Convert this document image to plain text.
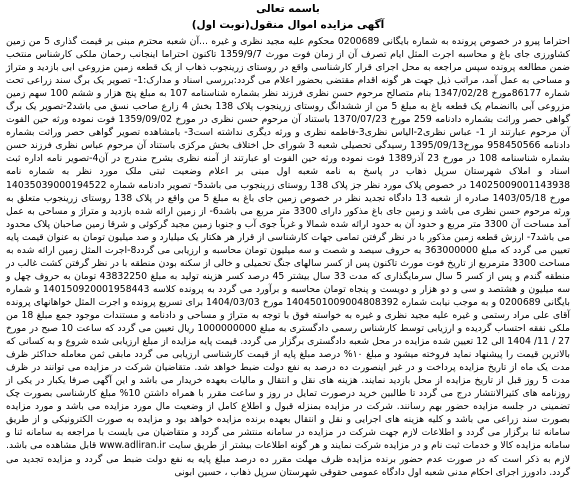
باسمه تعالی
آگهی مزایده اموال منقول(نوبت اول)

احتراما پیرو در خصوص پرونده به شماره بایگانی 0200689 محکوم علیه مجید نظری و غیره ...آن شعبه محترم مبنی بر قیمت گذاری 5 من زمین کشاورزی جای باغ و محاسبه اجرت المثل ایام تصرف آن از زمان فوت مورث 1359/9/7 تاکنون احتراما اینجانب رحمان ملکی کارشناس منتخب ضمن مطالعه پرونده سپس مراجعه به محل اجرای قرار کارشناسی واقع در روستای زرینجوب ذهاب از یک قطعه زمین مزروعی ابی بازدید و متراژ و مساحی به عمل آمد، مراتب ذیل جهت هر گونه اقدام مقتضی بحضور اعلام می گردد:بررسی اسناد و مدارک:1- تصویر یک برگ سند زراعی تحت شماره 86177مورخ 1347/02/28 بنام متصالح مرحوم حسن نظری فرزند نظر بشماره شناسنامه 107 به مبلغ پنج هزار و ششم 100 سهم زمین مزروعی آبی باانضمام یک قطعه باغ به مبلغ 5 من از ششدانگ روستای زرینجوب پلاک 138 بخش 4 زارع صاحب نسق می باشد2-تصویر یک برگ گواهی حصر وراثت بشماره دادنامه 259 مورخ 1370/07/23 باستناد آن مرحوم حسن نظری در مورخ 1359/09/02 فوت نموده ورثه حین الفوت آن مرحوم عبارتند از 1- عباس نظری2-الیاس نظری3-فاطمه نظری و ورثه دیگری نداشته است3- بامشاهده تصویر گواهی حصر وراثت بشماره دادنامه 958450566 مورخ1395/09/13 رسیدگی تحصیلی شعبه 3 شورای حل اختلاف بخش مرکزی باستناد آن مرحوم عباس نظری فرزند حسن بشماره شناسنامه 108 در مورخ 23 آذر1389 فوت نموده ورثه حین الفوت او عبارتند از آمنه نظری بشرح مندرج در آن4-تصویر نامه اداره ثبت اسناد و املاک شهرستان سرپل ذهاب در پاسخ به نامه شعبه اول مبنی بر اعلام وضعیت ثبتی ملک مورد نظر به شماره نامه 14025009001143938 در خصوص پلاک مورد نظر جز پلاک 138 روستای زرینجوب می باشد5- تصویر دادنامه شماره 14035039000194522 مورخ 1403/05/18 صادره از شعبه 13 دادگاه تجدید نظر در خصوص زمین جای باغ به مبلغ 5 من واقع در پلاک 138 روستای زرینجوب متعلق به ورثه مرحوم حسن نظری می باشد و زمین جای باغ مذکور دارای 3300 متر مربع می باشد6- از زمین ارائه شده بازدید و متراژ و مساحی به عمل آمد مساحت آن 3300 متر مربع و حدود آن به حدود ارائه شده شمالا و غرباً جوی آب و جنوبا زمین مجید گرکوئی و شرقا زمین صاحبان پلاک محدود می باشد7- ارزش قطعه زمین مذکور با در نظر گرفتن تمامی جهات کارشناسی از قرار هر هکتار یک میلیارد و صد میلیون تومان به عنوان قیمت پایه تعیین می گردد که مبلغ 363000000 به حروف سیصد و شصت و سه میلیون تومان محاسبه و ارزیابی می گردد8-اجرت المثل زمین ارائه شده به مساحت 3300 مترمربع از تاریخ فوت مورث تاکنون پس از کسر سالهای جنگ تحمیلی و خالی از سکنه بودن منطقه با در نظر گرفتن کشت غالب در منطقه گندم و پس از کسر 5 سال سرمایگذاری که مدت 33 سال بیشتر 45 درصد کسر هزینه تولید به مبلغ 43832250 تومان به حروف چهل و سه میلیون و هشتصد و سی و دو هزار و دویست و پنجاه تومان محاسبه و برآورد می گردد به پرونده کلاسه 140150920001958443 و شماره بایگانی 0200689 و به موجب نیابت شماره 1404501009004808392 مورخ 1404/03/03 برای تسریع پرونده و اجرت المثل خواهانهای پرونده آقای علی مراد رستمی و غیره علیه مجید نظری و غیره به خواسته فوق با توجه به متراژ و مساحی و دادنامه و مستندات موجود جمع مبلغ 18 من ملکی نفقه احتساب گردیده و ارزیابی توسط کارشناس رسمی دادگستری به مبلغ 1000000000 ریال تعیین می گردد که ساعت 10 صبح در مورخ 27 / 11/ 1404 الی 12 تعیین شده مزایده در محل شعبه دادگستری برگزار می گردد. قیمت پایه مزایده از مبلغ ارزیابی شده شروع و به کسانی که بالاترین قیمت را پیشنهاد نماید فروخته میشود و مبلغ ١٠% درصد مبلغ پایه از قیمت کارشناسی ارزیابی می گردد مابقی ثمن معامله حداکثر ظرف مدت یک ماه از تاریخ مزایده پرداخت و در غیر اینصورت ده درصد به نفع دولت ضبط خواهد شد. متقاضیان شرکت در مزایده می توانند در ظرف مدت 5 روز قبل از تاریخ مزایده از محل بازدید نمایند. هزینه های نقل و انتقال و مالیات بعهده خریدار می باشد و این آگهی صرفا یکبار در یکی از روزنامه های کثیرالانتشار درج می گردد تا طالبین خرید درصورت تمایل در روز و ساعت مقرر با همراه داشتن 10% مبلغ کارشناسی بصورت چک تضمینی در جلسه مزایده حضور بهم رسانند. شرکت در مزایده بمنزله قبول و اطلاع کامل از وضعیت مال مورد مزایده می باشد و مورد مزایده بصورت سند زراعی می باشد و کلیه هزینه های اجرایی و نقل و انتقال بعهده برنده مزایده خواهد بود و مزایده به صورت الکترونیکی و از طریق سامانه ثنا برگزار می گردد و اطلاعات لازم جهت شرکت در مزایده در سامانه منتشر می گردد و متقاضیان می بایست با مراجعه به سامانه ثنا و سامانه مزایده کالا و خدمات ثبت نام و در مزایده شرکت نمایند و هر گونه اطلاعات بیشتر از طریق سایت www.adliran.ir قابل مشاهده می باشد. لازم به ذکر است که در صورت عدم حضور برنده مزایده ظرف مهلت مقرر ده درصد مبلغ پایه به نفع دولت ضبط می گردد و مزایده تجدید می گردد. دادورز اجرای احکام مدنی شعبه اول دادگاه عمومی حقوقی شهرستان سرپل ذهاب ، حسین ابونی
